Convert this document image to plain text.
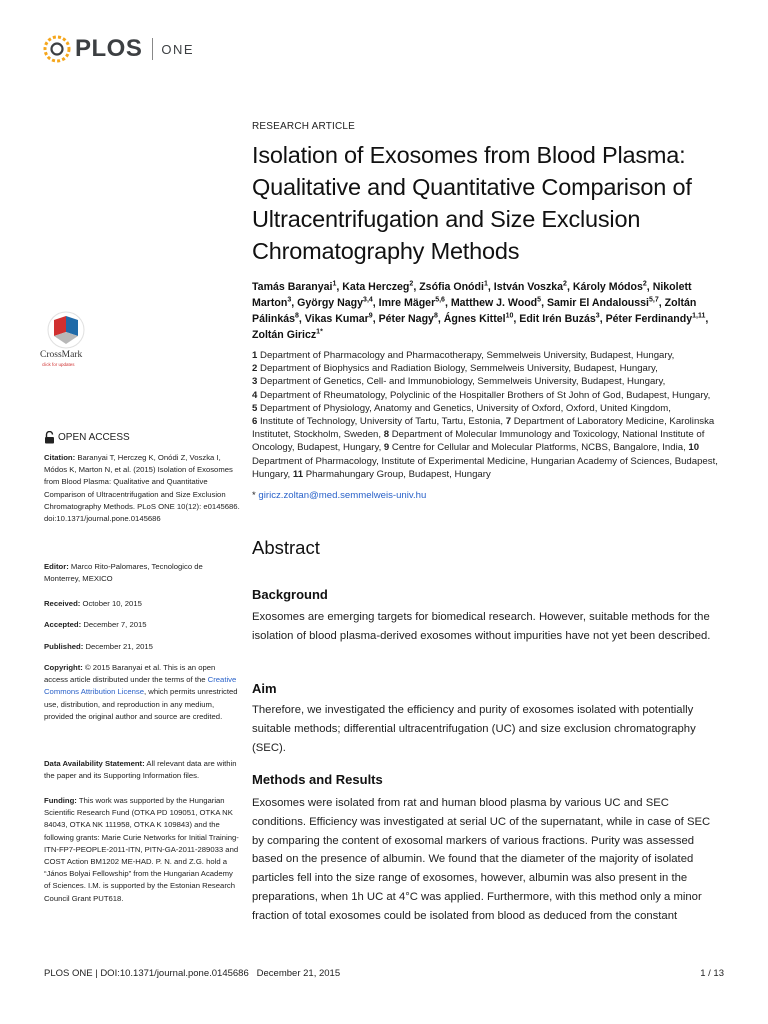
PLOS ONE
CrossMark
click for updates
OPEN ACCESS
Citation: Baranyai T, Herczeg K, Onódi Z, Voszka I, Módos K, Marton N, et al. (2015) Isolation of Exosomes from Blood Plasma: Qualitative and Quantitative Comparison of Ultracentrifugation and Size Exclusion Chromatography Methods. PLoS ONE 10(12): e0145686. doi:10.1371/journal.pone.0145686
Editor: Marco Rito-Palomares, Tecnologico de Monterrey, MEXICO
Received: October 10, 2015
Accepted: December 7, 2015
Published: December 21, 2015
Copyright: © 2015 Baranyai et al. This is an open access article distributed under the terms of the Creative Commons Attribution License, which permits unrestricted use, distribution, and reproduction in any medium, provided the original author and source are credited.
Data Availability Statement: All relevant data are within the paper and its Supporting Information files.
Funding: This work was supported by the Hungarian Scientific Research Fund (OTKA PD 109051, OTKA NK 84043, OTKA NK 111958, OTKA K 109843) and the following grants: Marie Curie Networks for Initial Training-ITN-FP7-PEOPLE-2011-ITN, PITN-GA-2011-289033 and COST Action BM1202 ME-HAD. P. N. and Z.G. hold a “János Bolyai Fellowship” from the Hungarian Academy of Sciences. I.M. is supported by the Estonian Research Council Grant PUT618.
RESEARCH ARTICLE
Isolation of Exosomes from Blood Plasma: Qualitative and Quantitative Comparison of Ultracentrifugation and Size Exclusion Chromatography Methods
Tamás Baranyai$^1$, Kata Herczeg$^2$, Zsófia Onódi$^1$, István Voszka$^2$, Károly Módos$^2$, Nikolett Marton$^3$, György Nagy$^{3,4}$, Imre Mäger$^{5,6}$, Matthew J. Wood$^5$, Samir El Andaloussi$^{5,7}$, Zoltán Pálinkás$^8$, Vikas Kumar$^9$, Péter Nagy$^8$, Ágnes Kittel$^{10}$, Edit Irén Buzás$^3$, Péter Ferdinandy$^{1,11}$, Zoltán Giricz$^{1*}$
1 Department of Pharmacology and Pharmacotherapy, Semmelweis University, Budapest, Hungary,
2 Department of Biophysics and Radiation Biology, Semmelweis University, Budapest, Hungary,
3 Department of Genetics, Cell- and Immunobiology, Semmelweis University, Budapest, Hungary,
4 Department of Rheumatology, Polyclinic of the Hospitaller Brothers of St John of God, Budapest, Hungary,
5 Department of Physiology, Anatomy and Genetics, University of Oxford, Oxford, United Kingdom,
6 Institute of Technology, University of Tartu, Tartu, Estonia, 7 Department of Laboratory Medicine, Karolinska Institutet, Stockholm, Sweden, 8 Department of Molecular Immunology and Toxicology, National Institute of Oncology, Budapest, Hungary, 9 Centre for Cellular and Molecular Platforms, NCBS, Bangalore, India, 10 Department of Pharmacology, Institute of Experimental Medicine, Hungarian Academy of Sciences, Budapest, Hungary, 11 Pharmahungary Group, Budapest, Hungary
* giricz.zoltan@med.semmelweis-univ.hu
Abstract
Background
Exosomes are emerging targets for biomedical research. However, suitable methods for the isolation of blood plasma-derived exosomes without impurities have not yet been described.
Aim
Therefore, we investigated the efficiency and purity of exosomes isolated with potentially suitable methods; differential ultracentrifugation (UC) and size exclusion chromatography (SEC).
Methods and Results
Exosomes were isolated from rat and human blood plasma by various UC and SEC conditions. Efficiency was investigated at serial UC of the supernatant, while in case of SEC by comparing the content of exosomal markers of various fractions. Purity was assessed based on the presence of albumin. We found that the diameter of the majority of isolated particles fell into the size range of exosomes, however, albumin was also present in the preparations, when 1h UC at 4°C was applied. Furthermore, with this method only a minor fraction of total exosomes could be isolated from blood as deduced from the constant
PLOS ONE | DOI:10.1371/journal.pone.0145686   December 21, 2015	1 / 13
